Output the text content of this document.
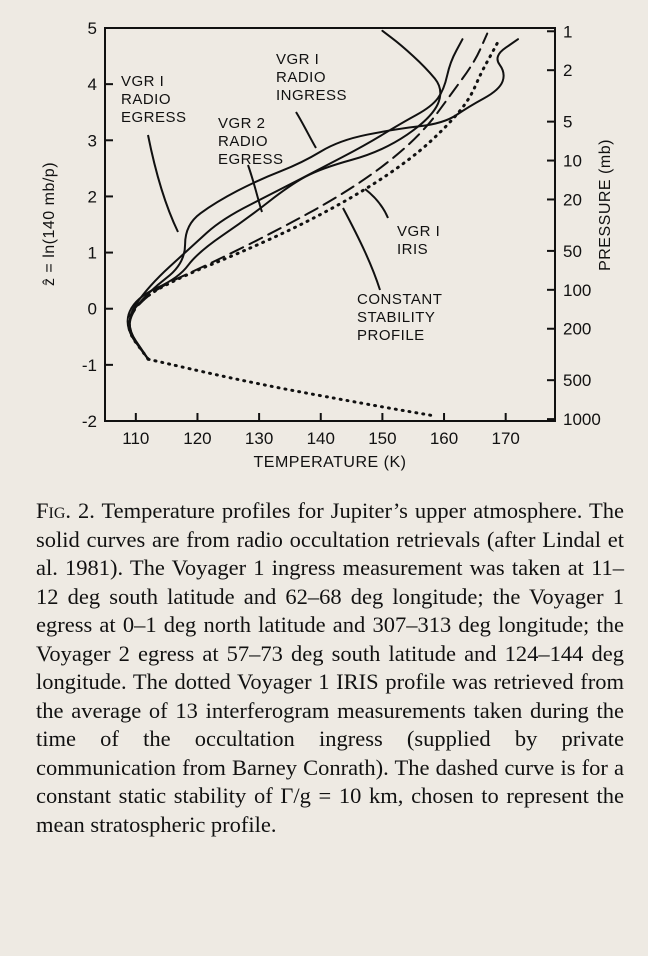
110 120 130 140 150 160 170
-2
-1
0
1
2
3
4
5	1
2
5
10
20
50
100
200
500
1000
VGR I RADIO EGRESS VGR 2 RADIO EGRESS
VGR I RADIO INGRESS
VGR I IRIS
CONSTANT STABILITY PROFILE
TEMPERATURE (K)
ẑ = ln(140 mb/p)	PRESSURE (mb)
Fig. 2. Temperature profiles for Jupiter’s upper atmosphere. The solid curves are from radio occultation retrievals (after Lindal et al. 1981). The Voyager 1 ingress measurement was taken at 11–12 deg south latitude and 62–68 deg longitude; the Voyager 1 egress at 0–1 deg north latitude and 307–313 deg longitude; the Voyager 2 egress at 57–73 deg south latitude and 124–144 deg longitude. The dotted Voyager 1 IRIS profile was retrieved from the average of 13 interferogram measurements taken during the time of the occultation ingress (supplied by private communication from Barney Conrath). The dashed curve is for a constant static stability of Γ/g = 10 km, chosen to represent the mean stratospheric profile.
